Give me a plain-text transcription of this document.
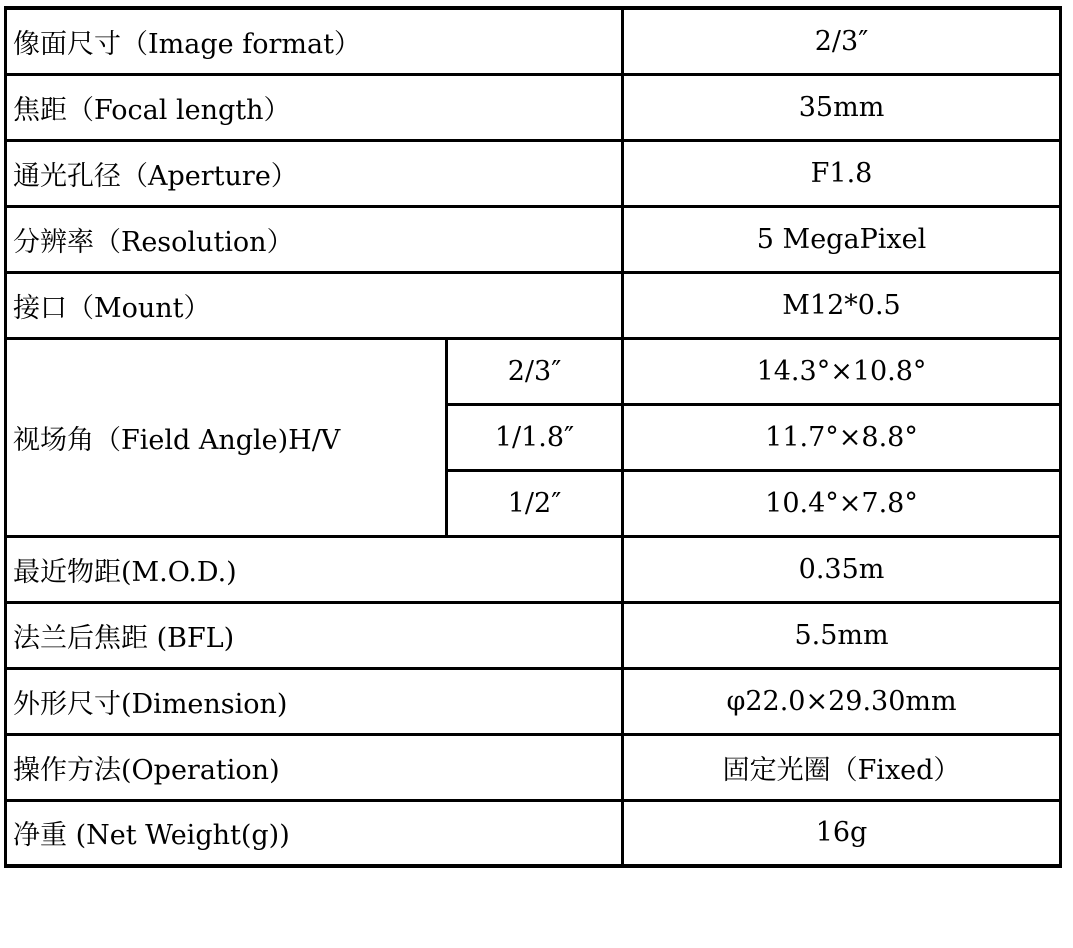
像面尺寸（Image format）		2/3″
焦距（Focal length）		35mm
通光孔径（Aperture）		F1.8
分辨率（Resolution）		5 MegaPixel
接口（Mount）		M12*0.5
视场角（Field Angle)H/V	2/3″	14.3°×10.8°
	1/1.8″	11.7°×8.8°
	1/2″	10.4°×7.8°
最近物距(M.O.D.)		0.35m
法兰后焦距 (BFL)		5.5mm
外形尺寸(Dimension)		φ22.0×29.30mm
操作方法(Operation)		固定光圈（Fixed）
净重 (Net Weight(g))		16g
